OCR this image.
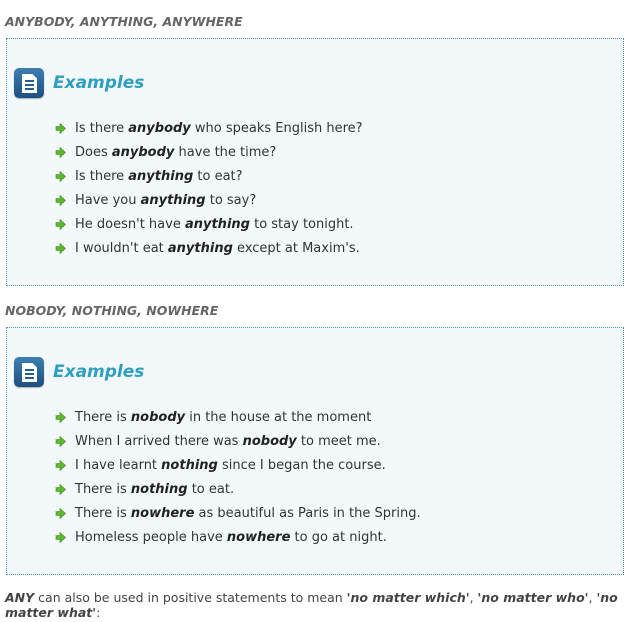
ANYBODY, ANYTHING, ANYWHERE
Examples
Is there anybody who speaks English here?
Does anybody have the time?
Is there anything to eat?
Have you anything to say?
He doesn't have anything to stay tonight.
I wouldn't eat anything except at Maxim's.
NOBODY, NOTHING, NOWHERE
Examples
There is nobody in the house at the moment
When I arrived there was nobody to meet me.
I have learnt nothing since I began the course.
There is nothing to eat.
There is nowhere as beautiful as Paris in the Spring.
Homeless people have nowhere to go at night.

ANY can also be used in positive statements to mean 'no matter which', 'no matter who', 'no matter what':
